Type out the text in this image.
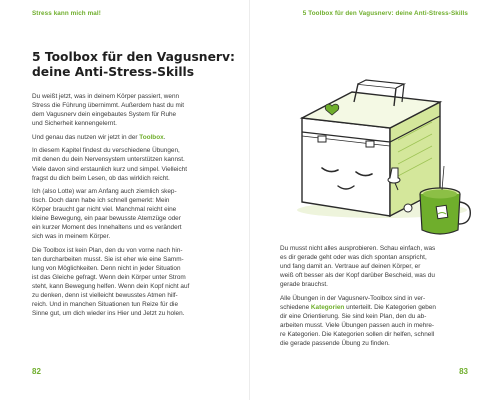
Stress kann mich mal!
5 Toolbox für den Vagusnerv:
deine Anti-Stress-Skills

Du weißt jetzt, was in deinem Körper passiert, wenn
Stress die Führung übernimmt. Außerdem hast du mit
dem Vagusnerv dein eingebautes System für Ruhe
und Sicherheit kennengelernt.

Und genau das nutzen wir jetzt in der Toolbox.

In diesem Kapitel findest du verschiedene Übungen,
mit denen du dein Nervensystem unterstützen kannst.
Viele davon sind erstaunlich kurz und simpel. Vielleicht
fragst du dich beim Lesen, ob das wirklich reicht.

Ich (also Lotte) war am Anfang auch ziemlich skep-
tisch. Doch dann habe ich schnell gemerkt: Mein
Körper braucht gar nicht viel. Manchmal reicht eine
kleine Bewegung, ein paar bewusste Atemzüge oder
ein kurzer Moment des Innehaltens und es verändert
sich was in meinem Körper.

Die Toolbox ist kein Plan, den du von vorne nach hin-
ten durcharbeiten musst. Sie ist eher wie eine Samm-
lung von Möglichkeiten. Denn nicht in jeder Situation
ist das Gleiche gefragt. Wenn dein Körper unter Strom
steht, kann Bewegung helfen. Wenn dein Kopf nicht auf
zu denken, denn ist vielleicht bewusstes Atmen hilf-
reich. Und in manchen Situationen tun Reize für die
Sinne gut, um dich wieder ins Hier und Jetzt zu holen.

82
5 Toolbox für den Vagusnerv: deine Anti-Stress-Skills

Du musst nicht alles ausprobieren. Schau einfach, was
es dir gerade geht oder was dich spontan anspricht,
und fang damit an. Vertraue auf deinen Körper, er
weiß oft besser als der Kopf darüber Bescheid, was du
gerade brauchst.

Alle Übungen in der Vagusnerv-Toolbox sind in ver-
schiedene Kategorien unterteilt. Die Kategorien geben
dir eine Orientierung. Sie sind kein Plan, den du ab-
arbeiten musst. Viele Übungen passen auch in mehre-
re Kategorien. Die Kategorien sollen dir helfen, schnell
die gerade passende Übung zu finden.

83
